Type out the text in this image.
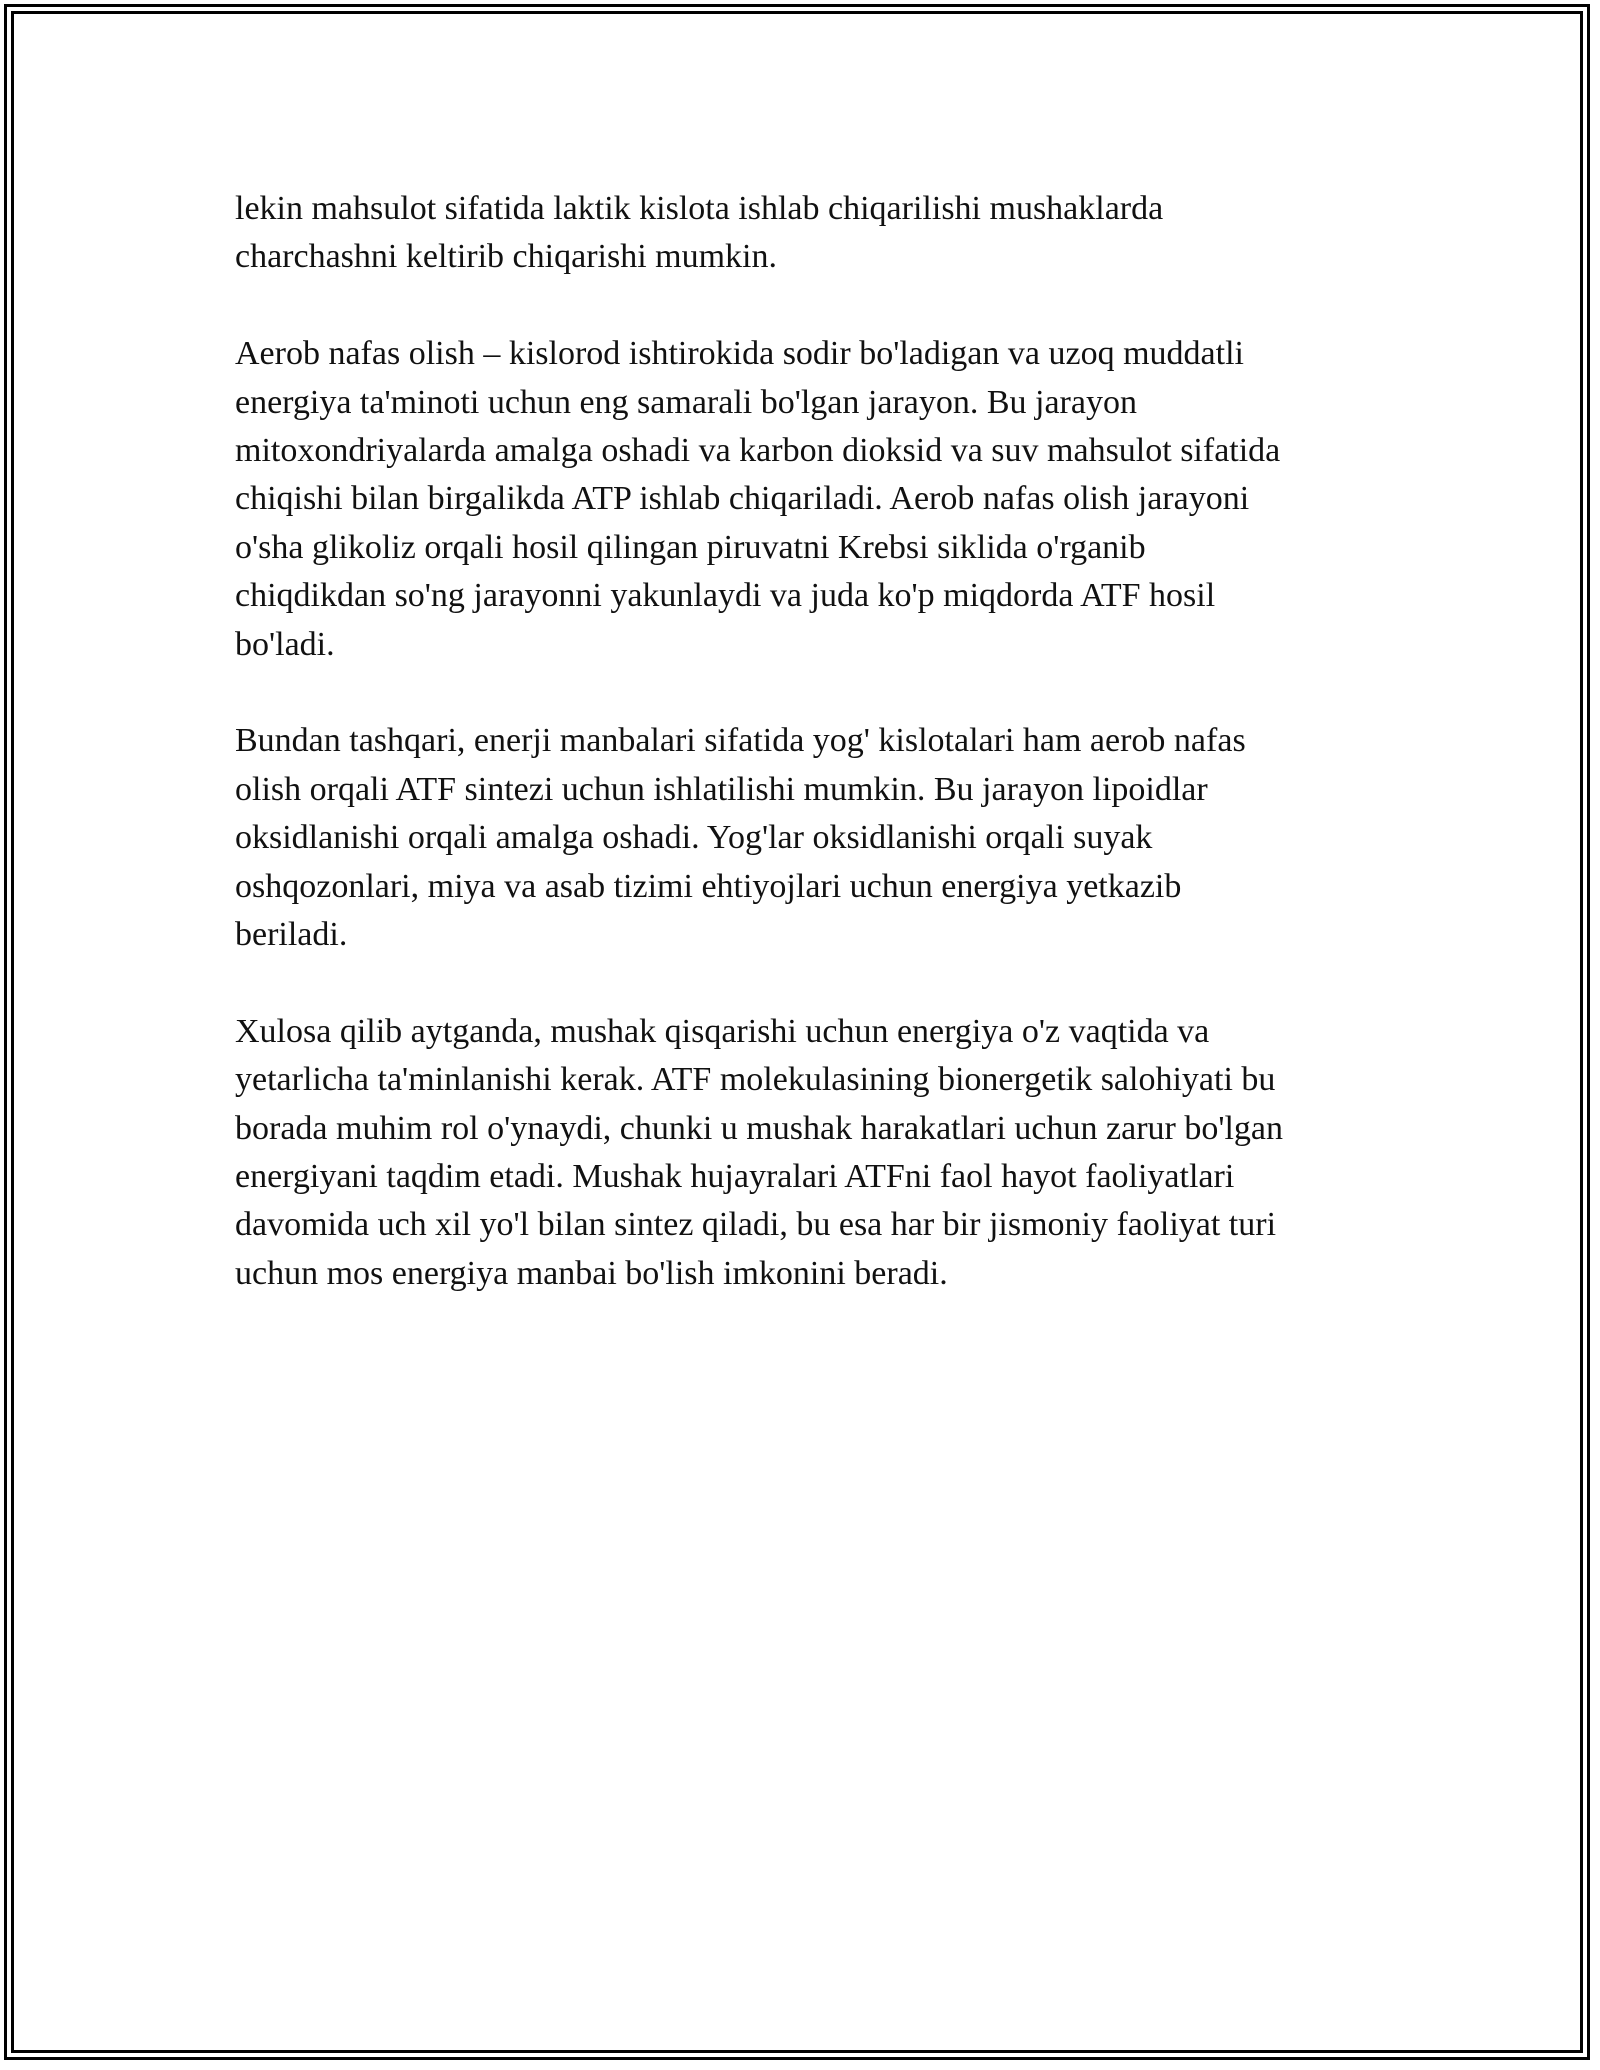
lekin mahsulot sifatida laktik kislota ishlab chiqarilishi mushaklarda
charchashni keltirib chiqarishi mumkin.

Aerob nafas olish – kislorod ishtirokida sodir bo'ladigan va uzoq muddatli
energiya ta'minoti uchun eng samarali bo'lgan jarayon. Bu jarayon
mitoxondriyalarda amalga oshadi va karbon dioksid va suv mahsulot sifatida
chiqishi bilan birgalikda ATP ishlab chiqariladi. Aerob nafas olish jarayoni
o'sha glikoliz orqali hosil qilingan piruvatni Krebsi siklida o'rganib
chiqdikdan so'ng jarayonni yakunlaydi va juda ko'p miqdorda ATF hosil
bo'ladi.

Bundan tashqari, enerji manbalari sifatida yog' kislotalari ham aerob nafas
olish orqali ATF sintezi uchun ishlatilishi mumkin. Bu jarayon lipoidlar
oksidlanishi orqali amalga oshadi. Yog'lar oksidlanishi orqali suyak
oshqozonlari, miya va asab tizimi ehtiyojlari uchun energiya yetkazib
beriladi.

Xulosa qilib aytganda, mushak qisqarishi uchun energiya o'z vaqtida va
yetarlicha ta'minlanishi kerak. ATF molekulasining bionergetik salohiyati bu
borada muhim rol o'ynaydi, chunki u mushak harakatlari uchun zarur bo'lgan
energiyani taqdim etadi. Mushak hujayralari ATFni faol hayot faoliyatlari
davomida uch xil yo'l bilan sintez qiladi, bu esa har bir jismoniy faoliyat turi
uchun mos energiya manbai bo'lish imkonini beradi.
